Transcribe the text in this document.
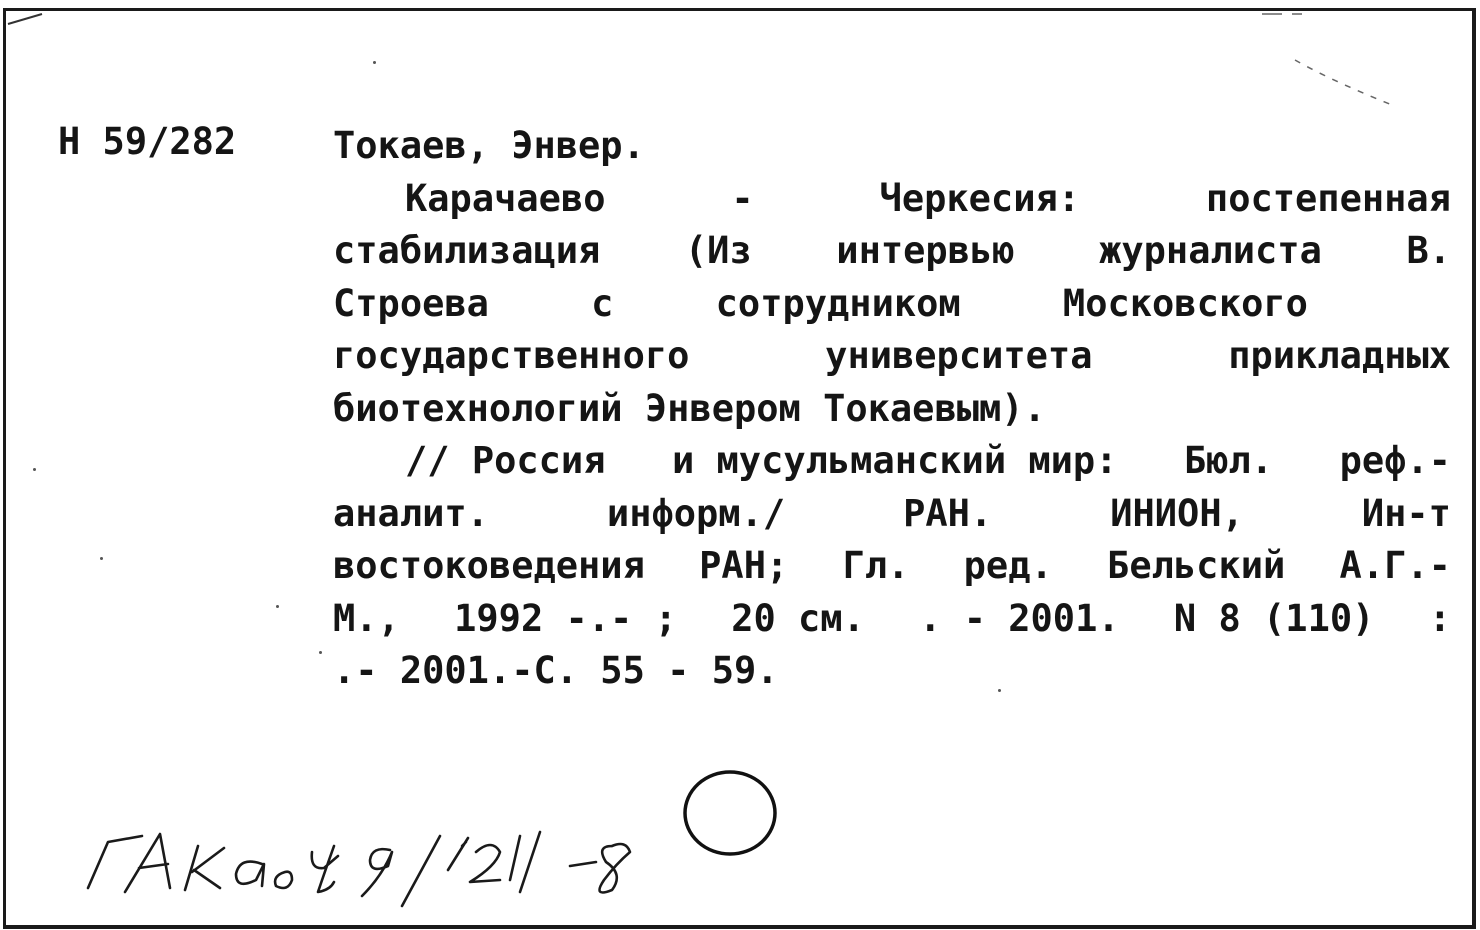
Н 59/282	Токаев, Энвер.
Карачаево	-	Черкесия:	постепенная
стабилизация (Из интервью журналиста В.
Строева	с	сотрудником	Московского
государственного	университета	прикладных
биотехнологий Энвером Токаевым).
// Россия и мусульманский мир: Бюл. реф.-
аналит.	информ./	РАН.	ИНИОН,	Ин-т
востоковедения РАН; Гл. ред. Бельский А.Г.-
М., 1992 -.- ; 20 см. . - 2001. N 8 (110) :
.- 2001.-С. 55 - 59.
